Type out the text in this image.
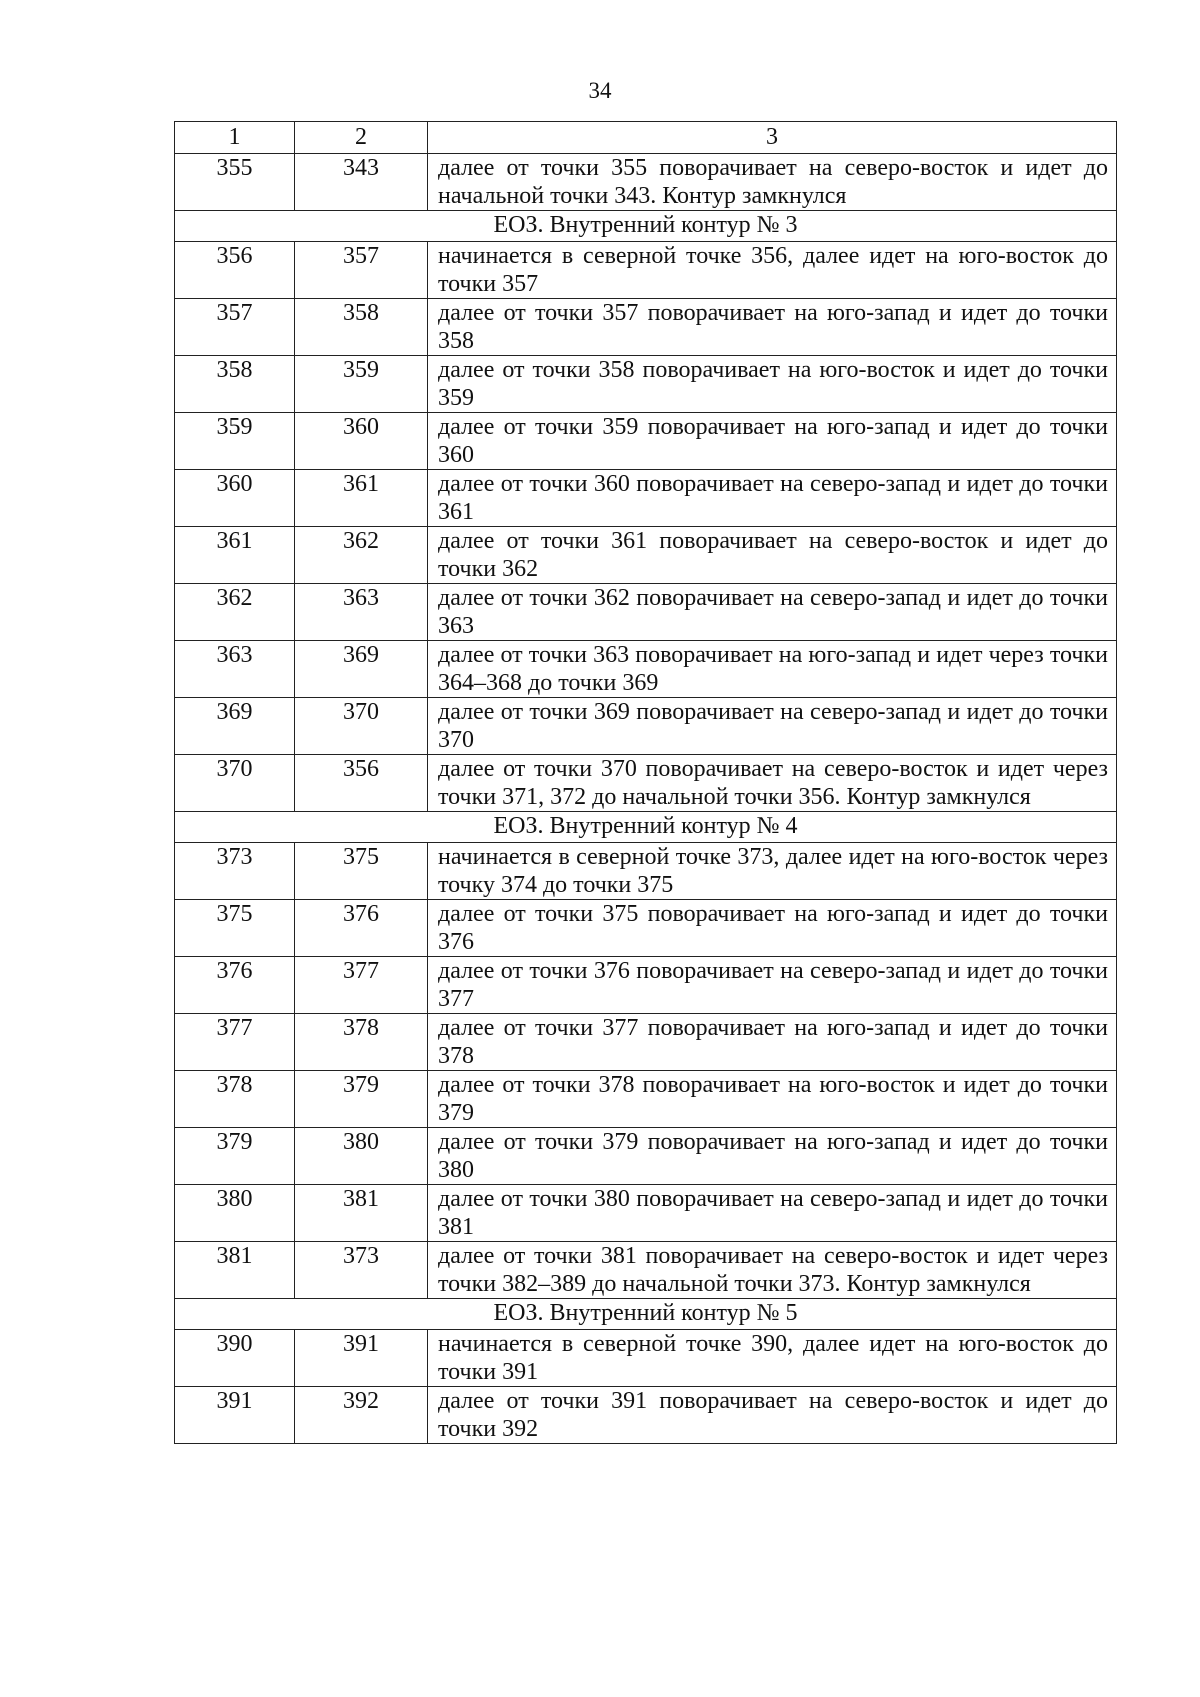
34
1	2	3
355	343	далее от точки 355 поворачивает на северо-восток и идет до начальной точки 343. Контур замкнулся
ЕОЗ. Внутренний контур № 3		
356	357	начинается в северной точке 356, далее идет на юго-восток до точки 357
357	358	далее от точки 357 поворачивает на юго-запад и идет до точки 358
358	359	далее от точки 358 поворачивает на юго-восток и идет до точки 359
359	360	далее от точки 359 поворачивает на юго-запад и идет до точки 360
360	361	далее от точки 360 поворачивает на северо-запад и идет до точки 361
361	362	далее от точки 361 поворачивает на северо-восток и идет до точки 362
362	363	далее от точки 362 поворачивает на северо-запад и идет до точки 363
363	369	далее от точки 363 поворачивает на юго-запад и идет через точки 364–368 до точки 369
369	370	далее от точки 369 поворачивает на северо-запад и идет до точки 370
370	356	далее от точки 370 поворачивает на северо-восток и идет через точки 371, 372 до начальной точки 356. Контур замкнулся
ЕОЗ. Внутренний контур № 4		
373	375	начинается в северной точке 373, далее идет на юго-восток через точку 374 до точки 375
375	376	далее от точки 375 поворачивает на юго-запад и идет до точки 376
376	377	далее от точки 376 поворачивает на северо-запад и идет до точки 377
377	378	далее от точки 377 поворачивает на юго-запад и идет до точки 378
378	379	далее от точки 378 поворачивает на юго-восток и идет до точки 379
379	380	далее от точки 379 поворачивает на юго-запад и идет до точки 380
380	381	далее от точки 380 поворачивает на северо-запад и идет до точки 381
381	373	далее от точки 381 поворачивает на северо-восток и идет через точки 382–389 до начальной точки 373. Контур замкнулся
ЕОЗ. Внутренний контур № 5		
390	391	начинается в северной точке 390, далее идет на юго-восток до точки 391
391	392	далее от точки 391 поворачивает на северо-восток и идет до точки 392
